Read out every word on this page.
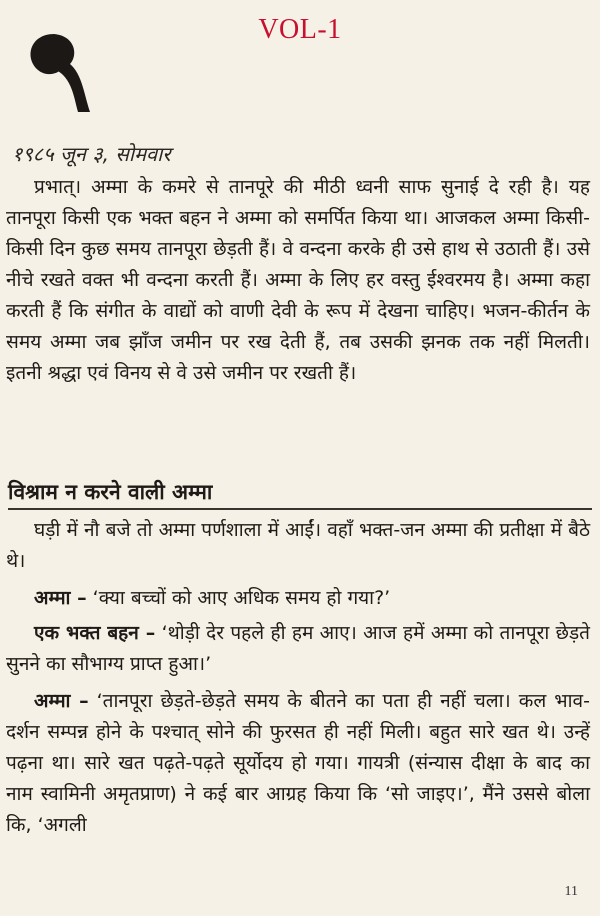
VOL-1
१९८५ जून ३, सोमवार

प्रभात्। अम्मा के कमरे से तानपूरे की मीठी ध्वनी साफ सुनाई दे रही है। यह तानपूरा किसी एक भक्त बहन ने अम्मा को समर्पित किया था। आजकल अम्मा किसी-किसी दिन कुछ समय तानपूरा छेड़ती हैं। वे वन्दना करके ही उसे हाथ से उठाती हैं। उसे नीचे रखते वक्त भी वन्दना करती हैं। अम्मा के लिए हर वस्तु ईश्वरमय है। अम्मा कहा करती हैं कि संगीत के वाद्यों को वाणी देवी के रूप में देखना चाहिए। भजन-कीर्तन के समय अम्मा जब झाँज जमीन पर रख देती हैं, तब उसकी झनक तक नहीं मिलती। इतनी श्रद्धा एवं विनय से वे उसे जमीन पर रखती हैं।

विश्राम न करने वाली अम्मा

घड़ी में नौ बजे तो अम्मा पर्णशाला में आईं। वहाँ भक्त-जन अम्मा की प्रतीक्षा में बैठे थे।

अम्मा – ‘क्या बच्चों को आए अधिक समय हो गया?’

एक भक्त बहन – ‘थोड़ी देर पहले ही हम आए। आज हमें अम्मा को तानपूरा छेड़ते सुनने का सौभाग्य प्राप्त हुआ।’

अम्मा – ‘तानपूरा छेड़ते-छेड़ते समय के बीतने का पता ही नहीं चला। कल भाव-दर्शन सम्पन्न होने के पश्चात् सोने की फुरसत ही नहीं मिली। बहुत सारे खत थे। उन्हें पढ़ना था। सारे खत पढ़ते-पढ़ते सूर्योदय हो गया। गायत्री (संन्यास दीक्षा के बाद का नाम स्वामिनी अमृतप्राण) ने कई बार आग्रह किया कि ‘सो जाइए।’, मैंने उससे बोला कि, ‘अगली

11
